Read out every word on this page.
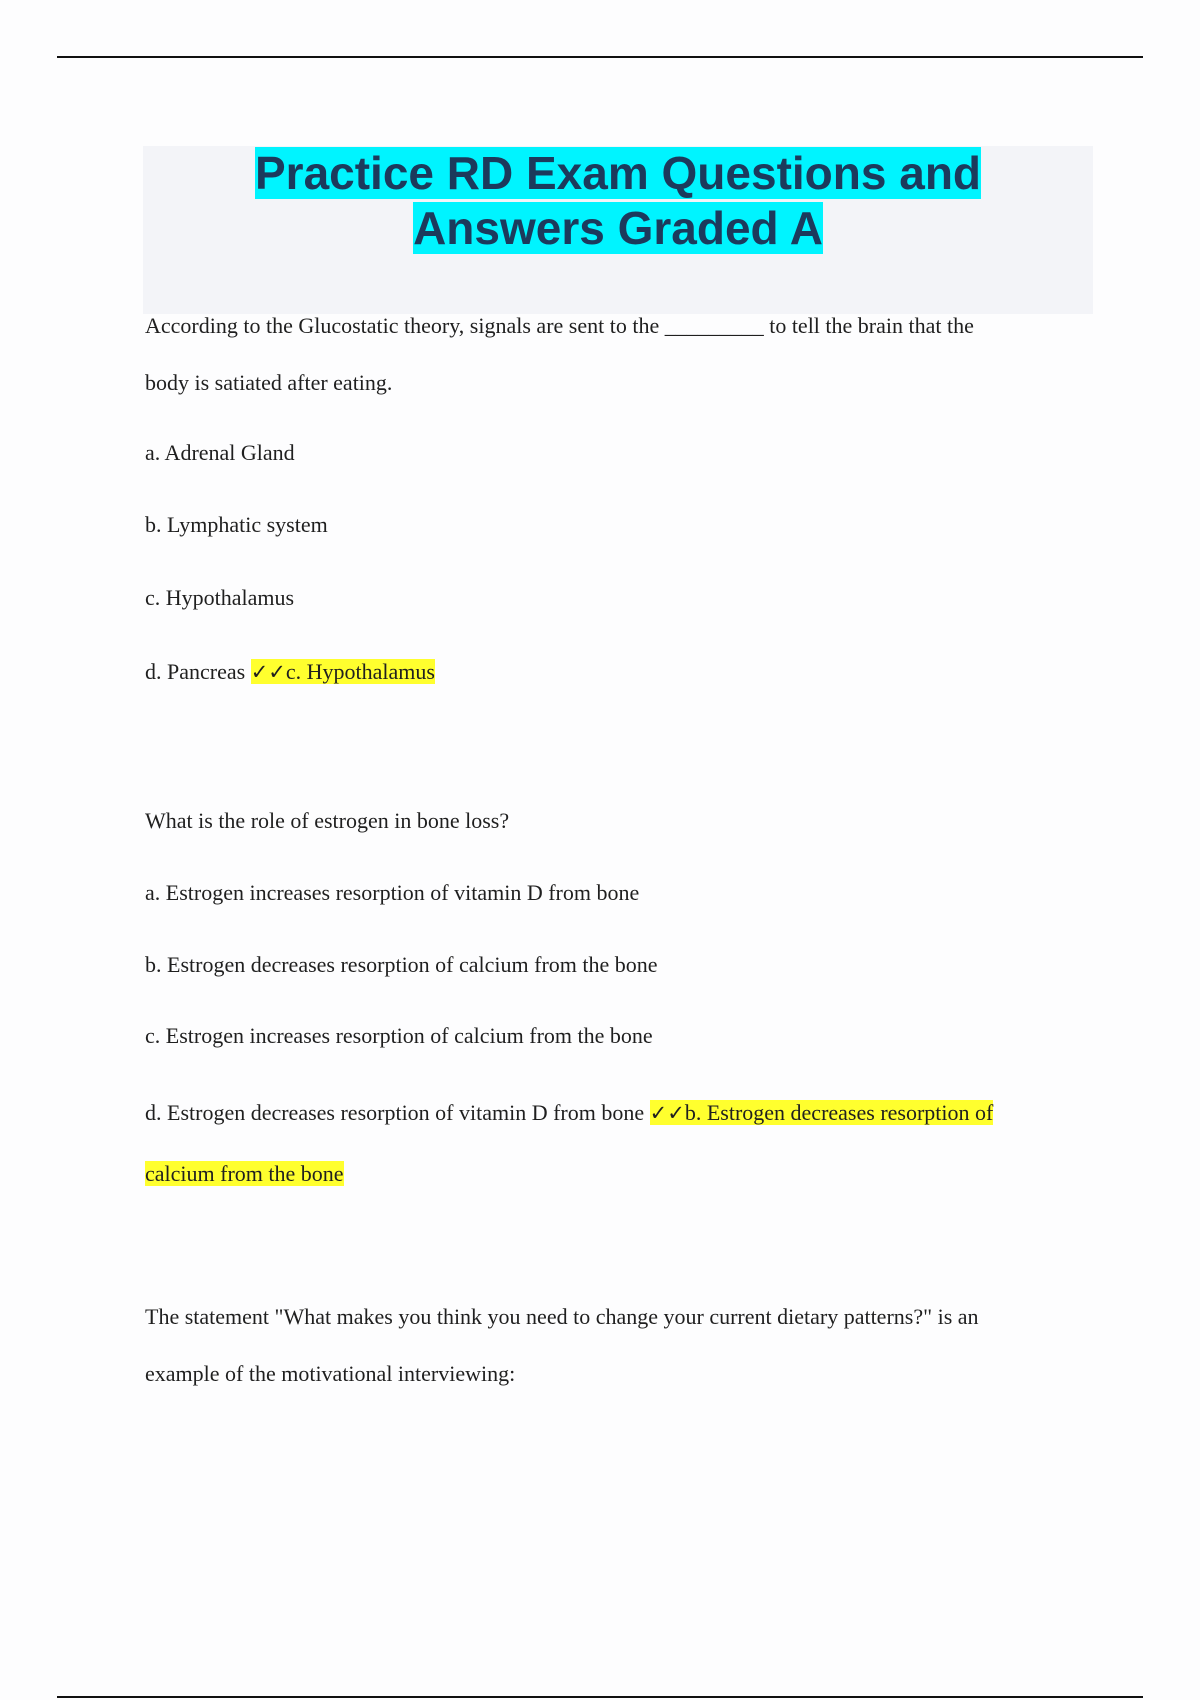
Practice RD Exam Questions and
Answers Graded A

According to the Glucostatic theory, signals are sent to the _________ to tell the brain that the

body is satiated after eating.

a. Adrenal Gland

b. Lymphatic system

c. Hypothalamus

d. Pancreas ✓✓c. Hypothalamus

What is the role of estrogen in bone loss?

a. Estrogen increases resorption of vitamin D from bone

b. Estrogen decreases resorption of calcium from the bone

c. Estrogen increases resorption of calcium from the bone

d. Estrogen decreases resorption of vitamin D from bone ✓✓b. Estrogen decreases resorption of

calcium from the bone

The statement "What makes you think you need to change your current dietary patterns?" is an

example of the motivational interviewing:
